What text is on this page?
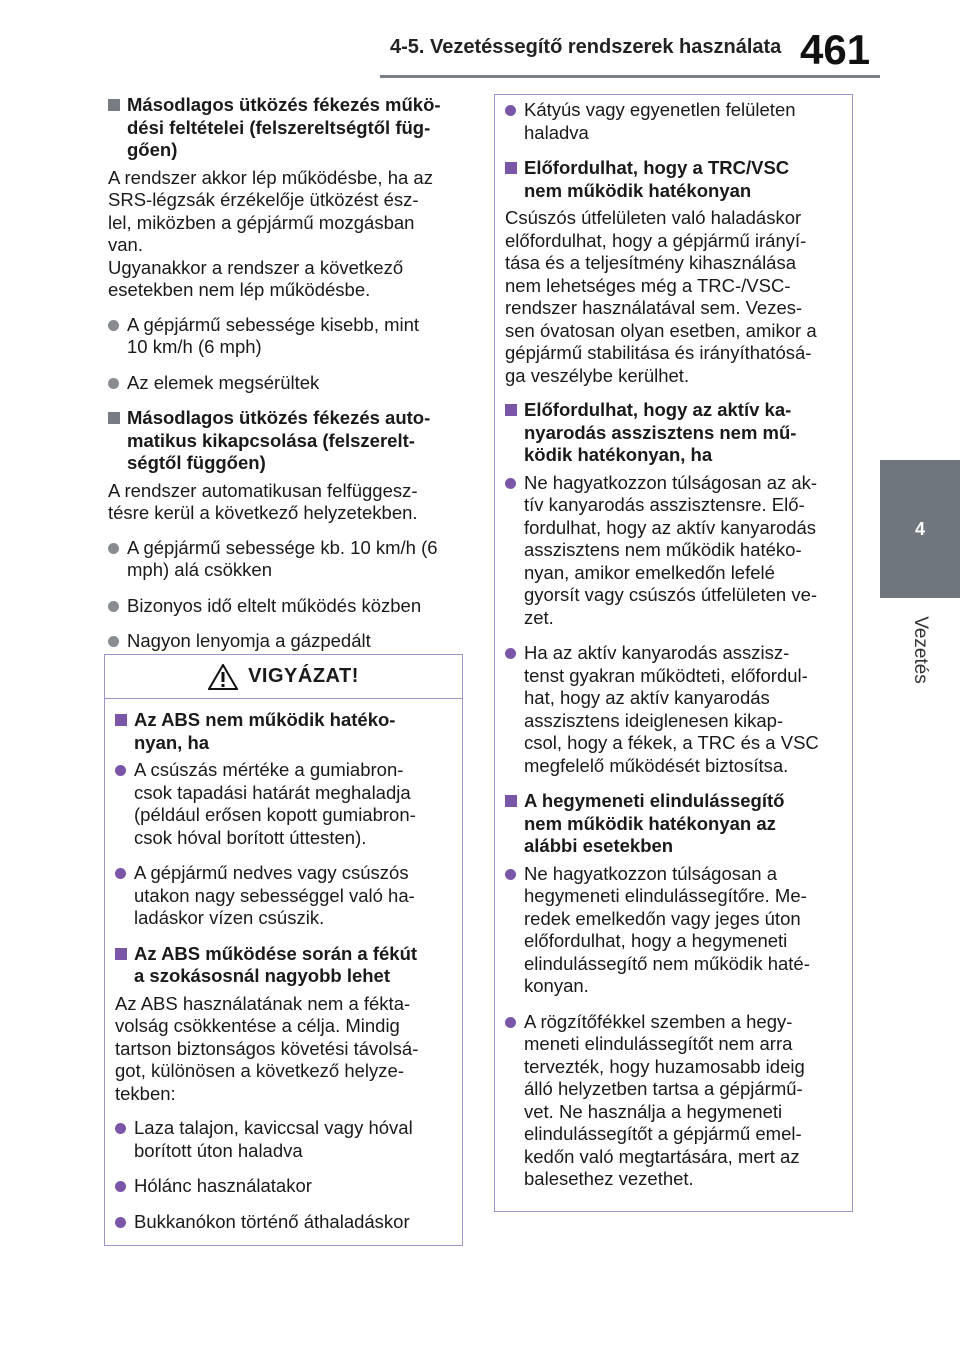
4-5. Vezetéssegítő rendszerek használata 461
4
Vezetés
Másodlagos ütközés fékezés műkö-
dési feltételei (felszereltségtől füg-
gően)
A rendszer akkor lép működésbe, ha az
SRS-légzsák érzékelője ütközést ész-
lel, miközben a gépjármű mozgásban
van.
Ugyanakkor a rendszer a következő
esetekben nem lép működésbe.
A gépjármű sebessége kisebb, mint
10 km/h (6 mph)
Az elemek megsérültek
Másodlagos ütközés fékezés auto-
matikus kikapcsolása (felszerelt-
ségtől függően)
A rendszer automatikusan felfüggesz-
tésre kerül a következő helyzetekben.
A gépjármű sebessége kb. 10 km/h (6
mph) alá csökken
Bizonyos idő eltelt működés közben
Nagyon lenyomja a gázpedált
VIGYÁZAT!
Az ABS nem működik hatéko-
nyan, ha
A csúszás mértéke a gumiabron-
csok tapadási határát meghaladja
(például erősen kopott gumiabron-
csok hóval borított úttesten).
A gépjármű nedves vagy csúszós
utakon nagy sebességgel való ha-
ladáskor vízen csúszik.
Az ABS működése során a fékút
a szokásosnál nagyobb lehet
Az ABS használatának nem a fékta-
volság csökkentése a célja. Mindig
tartson biztonságos követési távolsá-
got, különösen a következő helyze-
tekben:
Laza talajon, kaviccsal vagy hóval
borított úton haladva
Hólánc használatakor
Bukkanókon történő áthaladáskor
Kátyús vagy egyenetlen felületen
haladva
Előfordulhat, hogy a TRC/VSC
nem működik hatékonyan
Csúszós útfelületen való haladáskor
előfordulhat, hogy a gépjármű irányí-
tása és a teljesítmény kihasználása
nem lehetséges még a TRC-/VSC-
rendszer használatával sem. Vezes-
sen óvatosan olyan esetben, amikor a
gépjármű stabilitása és irányíthatósá-
ga veszélybe kerülhet.
Előfordulhat, hogy az aktív ka-
nyarodás asszisztens nem mű-
ködik hatékonyan, ha
Ne hagyatkozzon túlságosan az ak-
tív kanyarodás asszisztensre. Elő-
fordulhat, hogy az aktív kanyarodás
asszisztens nem működik hatéko-
nyan, amikor emelkedőn lefelé
gyorsít vagy csúszós útfelületen ve-
zet.
Ha az aktív kanyarodás asszisz-
tenst gyakran működteti, előfordul-
hat, hogy az aktív kanyarodás
asszisztens ideiglenesen kikap-
csol, hogy a fékek, a TRC és a VSC
megfelelő működését biztosítsa.
A hegymeneti elindulássegítő
nem működik hatékonyan az
alábbi esetekben
Ne hagyatkozzon túlságosan a
hegymeneti elindulássegítőre. Me-
redek emelkedőn vagy jeges úton
előfordulhat, hogy a hegymeneti
elindulássegítő nem működik haté-
konyan.
A rögzítőfékkel szemben a hegy-
meneti elindulássegítőt nem arra
tervezték, hogy huzamosabb ideig
álló helyzetben tartsa a gépjármű-
vet. Ne használja a hegymeneti
elindulássegítőt a gépjármű emel-
kedőn való megtartására, mert az
balesethez vezethet.
